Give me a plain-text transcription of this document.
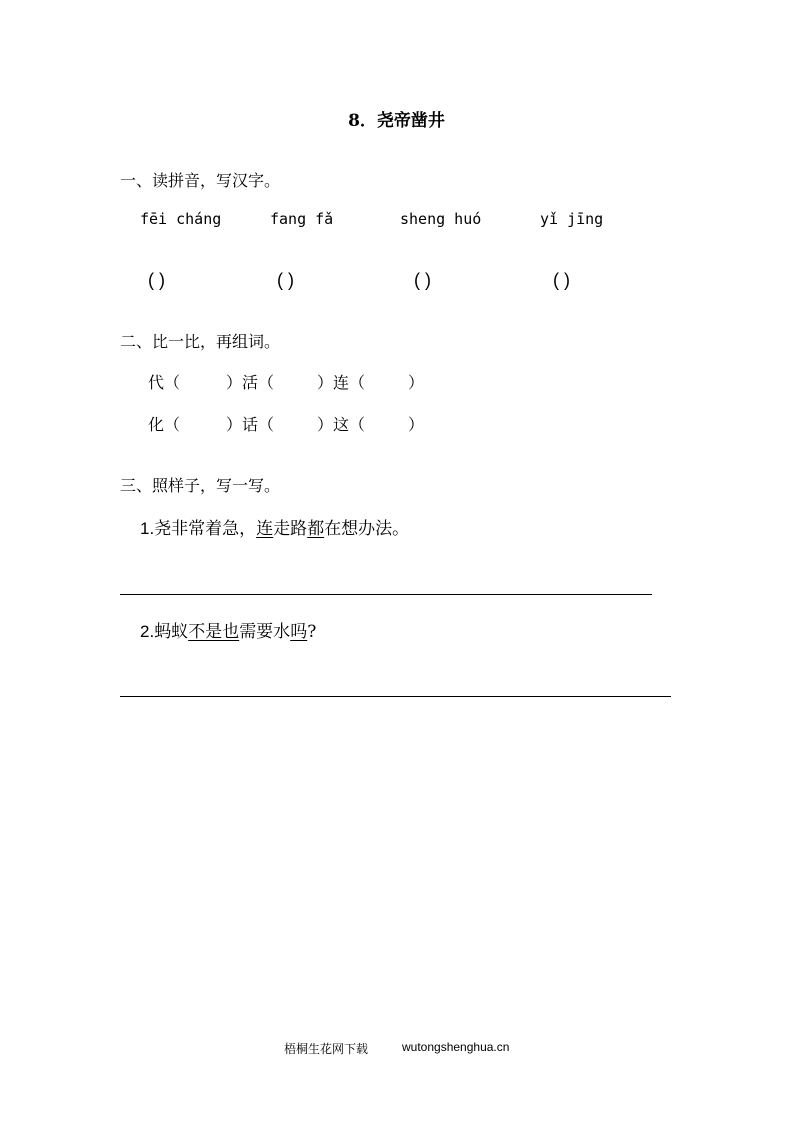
8．尧帝凿井
一、读拼音，写汉字。
fēi cháng	fang fǎ	sheng huó	yǐ jīng
( )	( )	( )	( )
二、比一比，再组词。
代（	）活（	）连（	）
化（	）话（	）这（	）
三、照样子，写一写。
1.尧非常着急，连走路都在想办法。
2.蚂蚁不是也需要水吗?
梧桐生花网下载	wutongshenghua.cn
